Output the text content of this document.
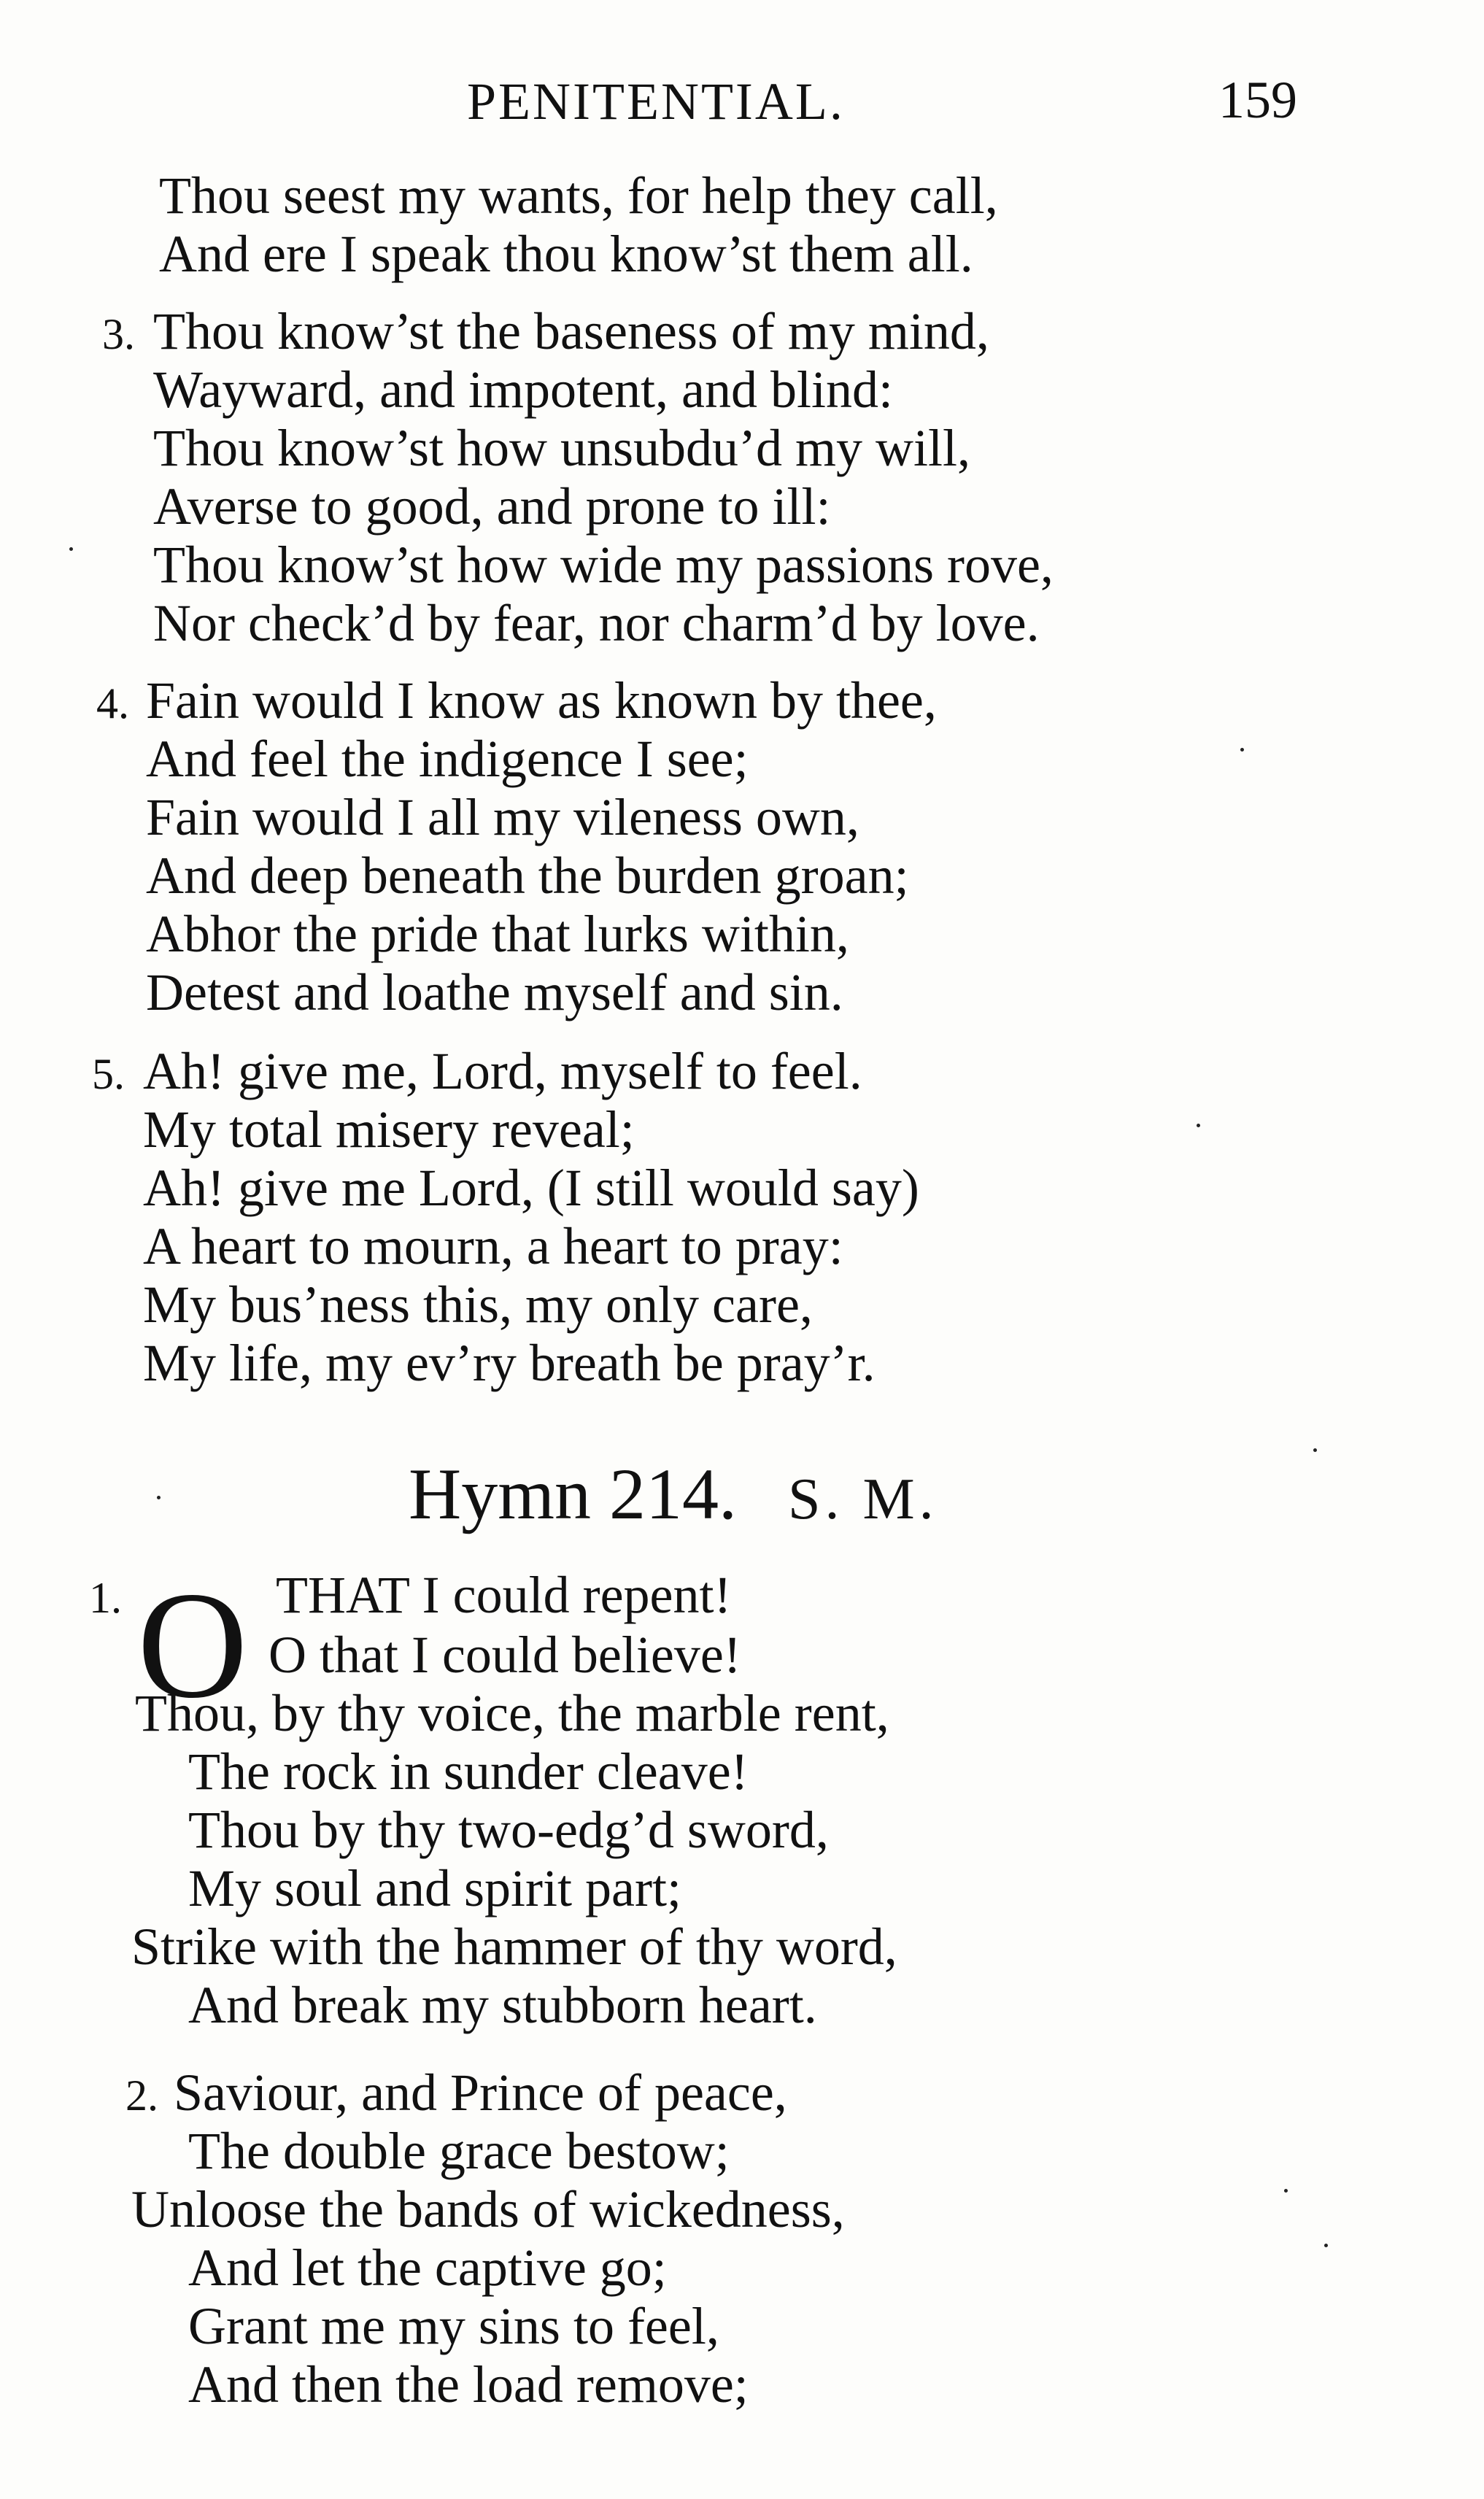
PENITENTIAL.	159
Thou seest my wants, for help they call,
And ere I speak thou know’st them all.
3. Thou know’st the baseness of my mind,
Wayward, and impotent, and blind:
Thou know’st how unsubdu’d my will,
Averse to good, and prone to ill:
Thou know’st how wide my passions rove,
Nor check’d by fear, nor charm’d by love.
4. Fain would I know as known by thee,
And feel the indigence I see;
Fain would I all my vileness own,
And deep beneath the burden groan;
Abhor the pride that lurks within,
Detest and loathe myself and sin.
5. Ah! give me, Lord, myself to feel.
My total misery reveal;
Ah! give me Lord, (I still would say)
A heart to mourn, a heart to pray:
My bus’ness this, my only care,
My life, my ev’ry breath be pray’r.
Hymn 214. S. M.
1. O THAT I could repent!
O that I could believe!
Thou, by thy voice, the marble rent,
The rock in sunder cleave!
Thou by thy two-edg’d sword,
My soul and spirit part;
Strike with the hammer of thy word,
And break my stubborn heart.
2. Saviour, and Prince of peace,
The double grace bestow;
Unloose the bands of wickedness,
And let the captive go;
Grant me my sins to feel,
And then the load remove;
